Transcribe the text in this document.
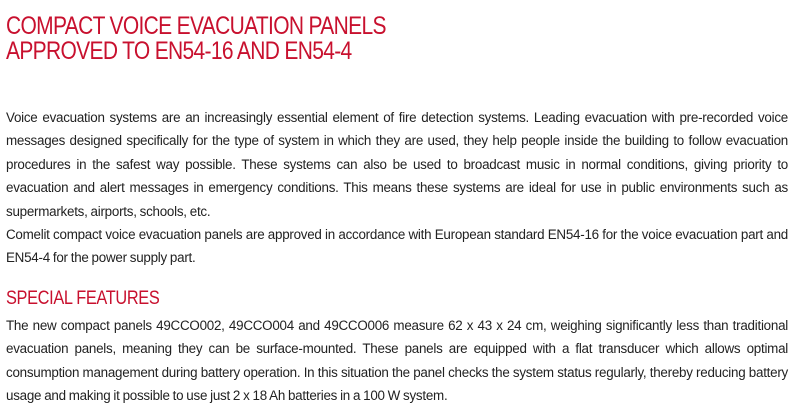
COMPACT VOICE EVACUATION PANELS
APPROVED TO EN54-16 AND EN54-4

Voice evacuation systems are an increasingly essential element of fire detection systems. Leading evacuation with pre-recorded voice messages designed specifically for the type of system in which they are used, they help people inside the building to follow evacuation procedures in the safest way possible. These systems can also be used to broadcast music in normal conditions, giving priority to evacuation and alert messages in emergency conditions. This means these systems are ideal for use in public environments such as supermarkets, airports, schools, etc.

Comelit compact voice evacuation panels are approved in accordance with European standard EN54-16 for the voice evacuation part and EN54-4 for the power supply part.

SPECIAL FEATURES

The new compact panels 49CCO002, 49CCO004 and 49CCO006 measure 62 x 43 x 24 cm, weighing significantly less than traditional evacuation panels, meaning they can be surface-mounted. These panels are equipped with a flat transducer which allows optimal consumption management during battery operation. In this situation the panel checks the system status regularly, thereby reducing battery usage and making it possible to use just 2 x 18 Ah batteries in a 100 W system.
